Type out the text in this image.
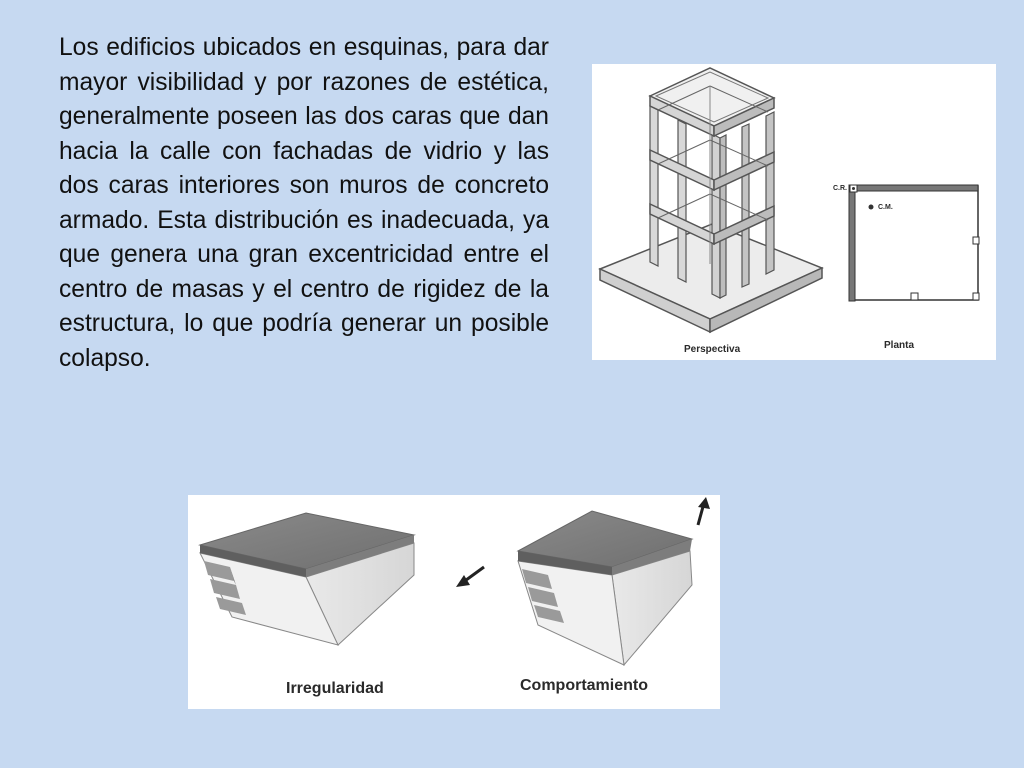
Los edificios ubicados en esquinas, para dar mayor visibilidad y por razones de estética, generalmente poseen las dos caras que dan hacia la calle con fachadas de vidrio y las dos caras interiores son muros de concreto armado. Esta distribución es inadecuada, ya que genera una gran excentricidad entre el centro de masas y el centro de rigidez de la estructura, lo que podría generar un posible colapso.

C.R.
C.M.
Perspectiva	Planta
Irregularidad	Comportamiento
